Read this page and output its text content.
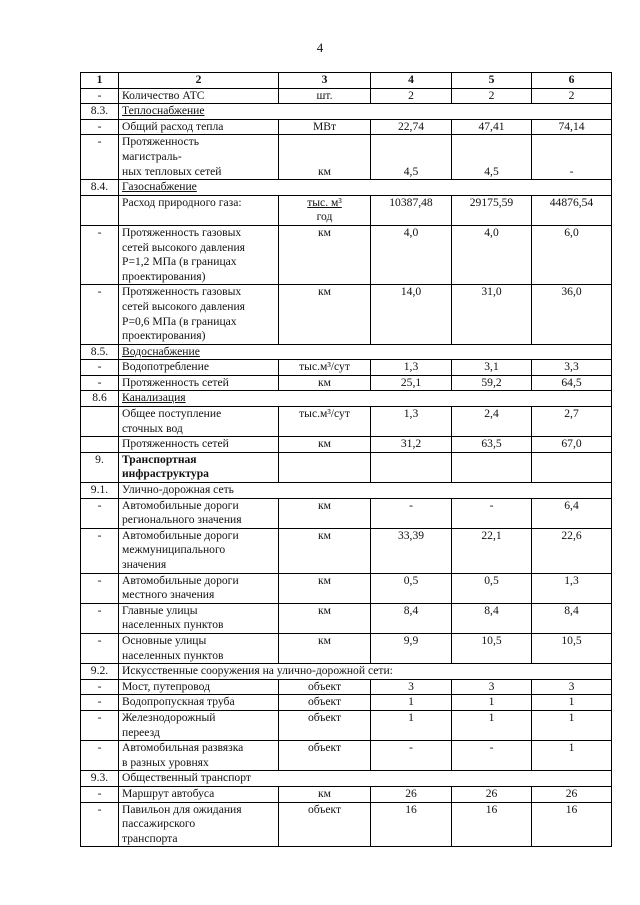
4
1	2	3	4	5	6
-	Количество АТС	шт.	2	2	2

8.3.	Теплоснабжение				
-	Общий расход тепла	МВт	22,74	47,41	74,14

-	Протяженность
магистраль-
ных тепловых сетей	км	4,5	4,5	-

8.4.	Газоснабжение				

	Расход природного газа:	тыс. м³
год	10387,48	29175,59	44876,54

-	Протяженность газовых
сетей высокого давления
Р=1,2 МПа (в границах
проектирования)	км	4,0	4,0	6,0

-	Протяженность газовых
сетей высокого давления
Р=0,6 МПа (в границах
проектирования)	км	14,0	31,0	36,0

8.5.	Водоснабжение				
-	Водопотребление	тыс.м³/сут	1,3	3,1	3,3

-	Протяженность сетей	км	25,1	59,2	64,5

8.6	Канализация				

	Общее поступление
сточных вод	тыс.м³/сут	1,3	2,4	2,7

	Протяженность сетей	км	31,2	63,5	67,0

9.	Транспортная
инфраструктура				

9.1.	Улично-дорожная сеть				
-	Автомобильные дороги
регионального значения	км	-	-	6,4

-	Автомобильные дороги
межмуниципального
значения	км	33,39	22,1	22,6

-	Автомобильные дороги
местного значения	км	0,5	0,5	1,3

-	Главные улицы
населенных пунктов	км	8,4	8,4	8,4

-	Основные улицы
населенных пунктов	км	9,9	10,5	10,5

9.2.	Искусственные сооружения на улично-дорожной сети:				
-	Мост, путепровод	объект	3	3	3

-	Водопропускная труба	объект	1	1	1

-	Железнодорожный
переезд	объект	1	1	1

-	Автомобильная развязка
в разных уровнях	объект	-	-	1

9.3.	Общественный транспорт				
-	Маршрут автобуса	км	26	26	26

-	Павильон для ожидания
пассажирского
транспорта	объект	16	16	16
